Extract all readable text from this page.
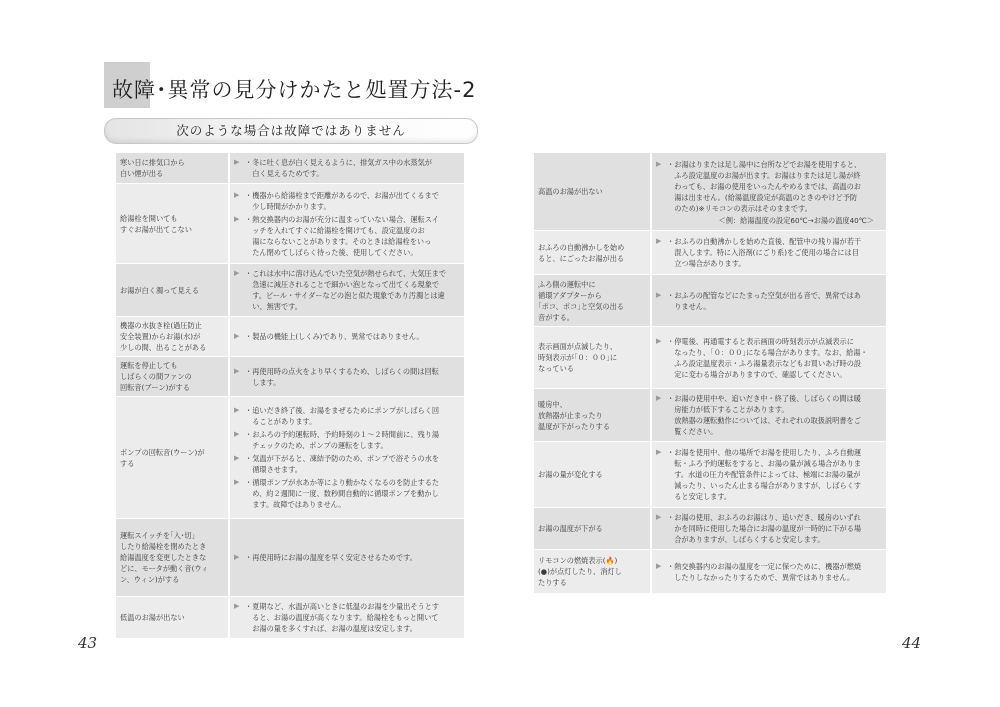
故障･異常の見分けかたと処置方法-2
次のような場合は故障ではありません
寒い日に排気口から
白い煙が出る
▶ ・冬に吐く息が白く見えるように、排気ガス中の水蒸気が
　白く見えるためです。
給湯栓を開いても
すぐお湯が出てこない
▶ ・機器から給湯栓まで距離があるので、お湯が出てくるまで
　少し時間がかかります。
▶ ・熱交換器内のお湯が充分に温まっていない場合、運転スイ
　ッチを入れてすぐに給湯栓を開けても、設定温度のお
　湯にならないことがあります。そのときは給湯栓をいっ
　たん閉めてしばらく待った後、使用してください。
お湯が白く濁って見える
▶ ・これは水中に溶け込んでいた空気が熱せられて、大気圧まで
　急速に減圧されることで細かい泡となって出てくる現象で
　す。ビール・サイダーなどの泡と似た現象であり汚濁とは違
　い、無害です。
機器の水抜き栓(過圧防止
安全装置)からお湯(水)が
少しの間、出ることがある
▶ ・製品の機能上(しくみ)であり、異常ではありません。
運転を停止しても
しばらくの間ファンの
回転音(ブーン)がする
▶ ・再使用時の点火をより早くするため、しばらくの間は回転
　します。
ポンプの回転音(ウーン)が
する
▶ ・追いだき終了後、お湯をまぜるためにポンプがしばらく回
　ることがあります。
▶ ・おふろの予約運転時、予約時刻の１～２時間前に、残り湯
　チェックのため、ポンプの運転をします。
▶ ・気温が下がると、凍結予防のため、ポンプで浴そうの水を
　循環させます。
▶ ・循環ポンプが水あか等により動かなくなるのを防止するた
　め、約２週間に一度、数秒間自動的に循環ポンプを動かし
　ます。故障ではありません。
運転スイッチを｢入･切｣
したり給湯栓を閉めたとき
給湯温度を変更したときな
どに、モータが動く音(ウィ
ン、ウィン)がする
▶ ・再使用時にお湯の温度を早く安定させるためです。
低温のお湯が出ない
▶ ・夏期など、水温が高いときに低温のお湯を少量出そうとす
　ると、お湯の温度が高くなります。給湯栓をもっと開いて
　お湯の量を多くすれば、お湯の温度は安定します。
高温のお湯が出ない
▶ ・お湯はりまたは足し湯中に台所などでお湯を使用すると、
　ふろ設定温度のお湯が出ます。お湯はりまたは足し湯が終
　わっても、お湯の使用をいったんやめるまでは、高温のお
　湯は出ません。(給湯温度設定が高温のときのやけど予防
　のため)※リモコンの表示はそのままです。
＜例：給湯温度の設定60℃→お湯の温度40℃＞
おふろの自動沸かしを始め
ると、にごったお湯が出る
▶ ・おふろの自動沸かしを始めた直後、配管中の残り湯が若干
　混入します。特に入浴剤(にごり系)をご使用の場合には目
　立つ場合があります。
ふろ側の運転中に
循環アダプターから
｢ポコ、ポコ｣と空気の出る
音がする。
▶ ・おふろの配管などにたまった空気が出る音で、異常ではあ
　りません。
表示画面が点滅したり、
時刻表示が｢０：００｣に
なっている
▶ ・停電後、再通電すると表示画面の時刻表示が点滅表示に
　なったり、｢０：００｣になる場合があります。なお、給湯・
　ふろ設定温度表示・ふろ湯量表示などもお買いあげ時の設
　定に変わる場合がありますので、確認してください。
暖房中、
放熱器が止まったり
温度が下がったりする
▶ ・お湯の使用中や、追いだき中・終了後、しばらくの間は暖
　房能力が低下することがあります。
　放熱器の運転動作については、それぞれの取扱説明書をご
　覧ください。
お湯の量が変化する
▶ ・お湯を使用中、他の場所でお湯を使用したり、ふろ自動運
　転・ふろ予約運転をすると、お湯の量が減る場合がありま
　す。水道の圧力や配管条件によっては、極端にお湯の量が
　減ったり、いったん止まる場合がありますが、しばらくす
　ると安定します。
お湯の温度が下がる
▶ ・お湯の使用、おふろのお湯はり、追いだき、暖房のいずれ
　かを同時に使用した場合にお湯の温度が一時的に下がる場
　合がありますが、しばらくすると安定します。
リモコンの燃焼表示(🔥)
(●)が点灯したり、消灯し
たりする
▶ ・熱交換器内のお湯の温度を一定に保つために、機器が燃焼
　したりしなかったりするためで、異常ではありません。
43	44
